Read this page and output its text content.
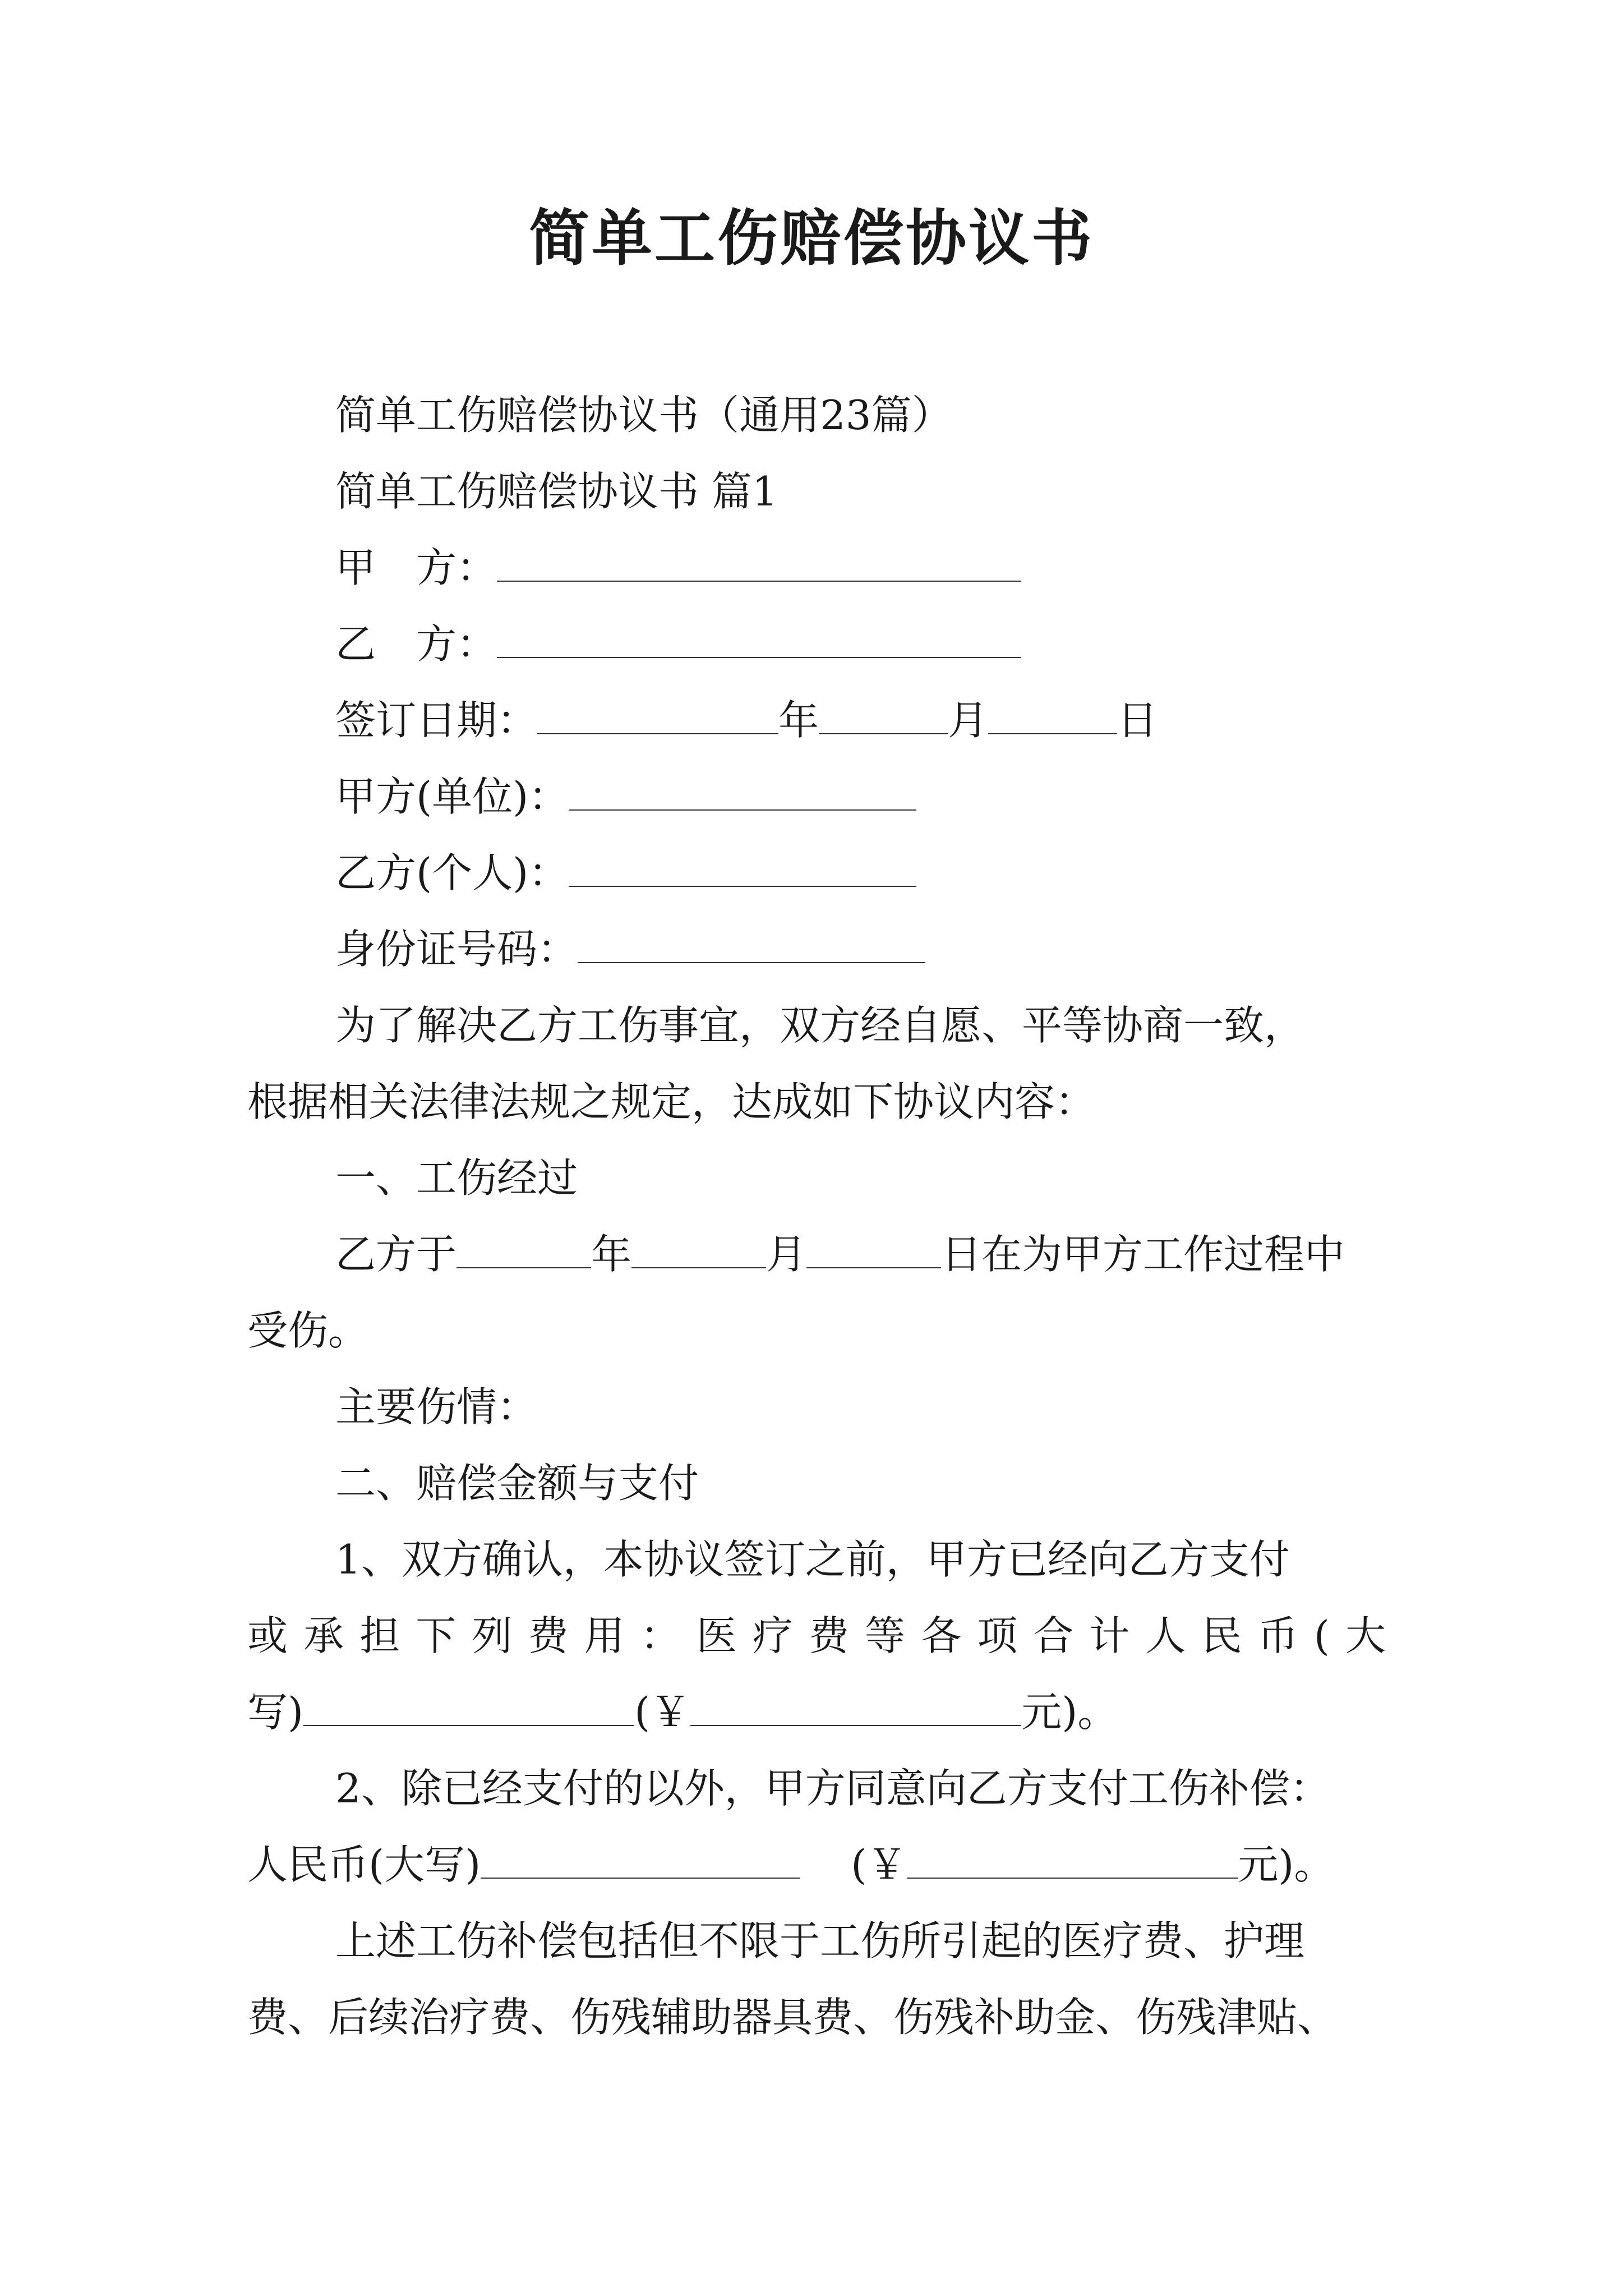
简单工伤赔偿协议书
简单工伤赔偿协议书（通用23篇）
简单工伤赔偿协议书 篇1
甲　方：
乙　方：
签订日期：	年	月	日
甲方(单位)：
乙方(个人)：
身份证号码：
为了解决乙方工伤事宜，双方经自愿、平等协商一致，
根据相关法律法规之规定，达成如下协议内容：
一、工伤经过
乙方于	年	月	日在为甲方工作过程中
受伤。
主要伤情：
二、赔偿金额与支付
1、双方确认，本协议签订之前，甲方已经向乙方支付
或承担下列费用：医疗费等各项合计人民币(大
写)	(￥	元)。
2、除已经支付的以外，甲方同意向乙方支付工伤补偿：
人民币(大写)	(￥	元)。
上述工伤补偿包括但不限于工伤所引起的医疗费、护理
费、后续治疗费、伤残辅助器具费、伤残补助金、伤残津贴、
